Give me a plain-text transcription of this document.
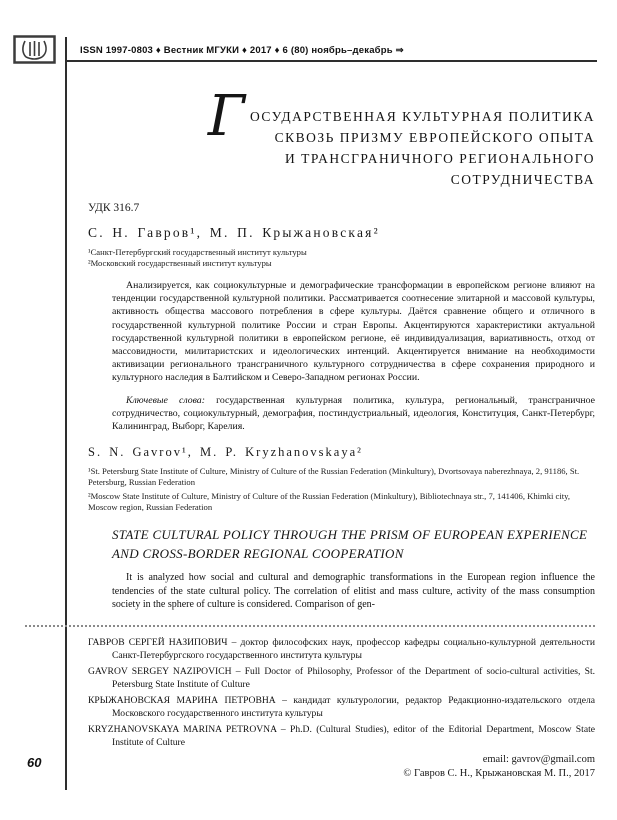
ISSN 1997-0803 ♦ Вестник МГУКИ ♦ 2017 ♦ 6 (80) ноябрь–декабрь ⇒
ГОСУДАРСТВЕННАЯ КУЛЬТУРНАЯ ПОЛИТИКА
СКВОЗЬ ПРИЗМУ ЕВРОПЕЙСКОГО ОПЫТА
И ТРАНСГРАНИЧНОГО РЕГИОНАЛЬНОГО
СОТРУДНИЧЕСТВА
УДК 316.7
С. Н. Гавров¹, М. П. Крыжановская²

¹Санкт-Петербургский государственный институт культуры

²Московский государственный институт культуры

Анализируется, как социокультурные и демографические трансформации в европейском регионе влияют на тенденции государственной культурной политики. Рассматривается соотнесение элитарной и массовой культуры, активность общества массового потребления в сфере культуры. Даётся сравнение общего и отличного в государственной культурной политике России и стран Европы. Акцентируются характеристики актуальной государственной культурной политики в европейском регионе, её индивидуализация, вариативность, отход от массовидности, милитаристских и идеологических интенций. Акцентируется внимание на необходимости активизации регионального трансграничного культурного сотрудничества в сфере сохранения природного и культурного наследия в Балтийском и Северо-Западном регионах России.
Ключевые слова: государственная культурная политика, культура, региональный, трансграничное сотрудничество, социокультурный, демография, постиндустриальный, идеология, Конституция, Санкт-Петербург, Калининград, Выборг, Карелия.
S. N. Gavrov¹, M. P. Kryzhanovskaya²

¹St. Petersburg State Institute of Culture, Ministry of Culture of the Russian Federation (Minkultury), Dvortsovaya naberezhnaya, 2, 91186, St. Petersburg, Russian Federation

²Moscow State Institute of Culture, Ministry of Culture of the Russian Federation (Minkultury), Bibliotechnaya str., 7, 141406, Khimki city, Moscow region, Russian Federation

STATE CULTURAL POLICY THROUGH THE PRISM OF EUROPEAN EXPERIENCE AND CROSS-BORDER REGIONAL COOPERATION
It is analyzed how social and cultural and demographic transformations in the European region influence the tendencies of the state cultural policy. The correlation of elitist and mass culture, activity of the mass consumption society in the sphere of culture is considered. Comparison of gen-

ГАВРОВ СЕРГЕЙ НАЗИПОВИЧ – доктор философских наук, профессор кафедры социально-культурной деятельности Санкт-Петербургского государственного института культуры

GAVROV SERGEY NAZIPOVICH – Full Doctor of Philosophy, Professor of the Department of socio-cultural activities, St. Petersburg State Institute of Culture

КРЫЖАНОВСКАЯ МАРИНА ПЕТРОВНА – кандидат культурологии, редактор Редакционно-издательского отдела Московского государственного института культуры

KRYZHANOVSKAYA MARINA PETROVNA – Ph.D. (Cultural Studies), editor of the Editorial Department, Moscow State Institute of Culture

email: gavrov@gmail.com
© Гавров С. Н., Крыжановская М. П., 2017
60
